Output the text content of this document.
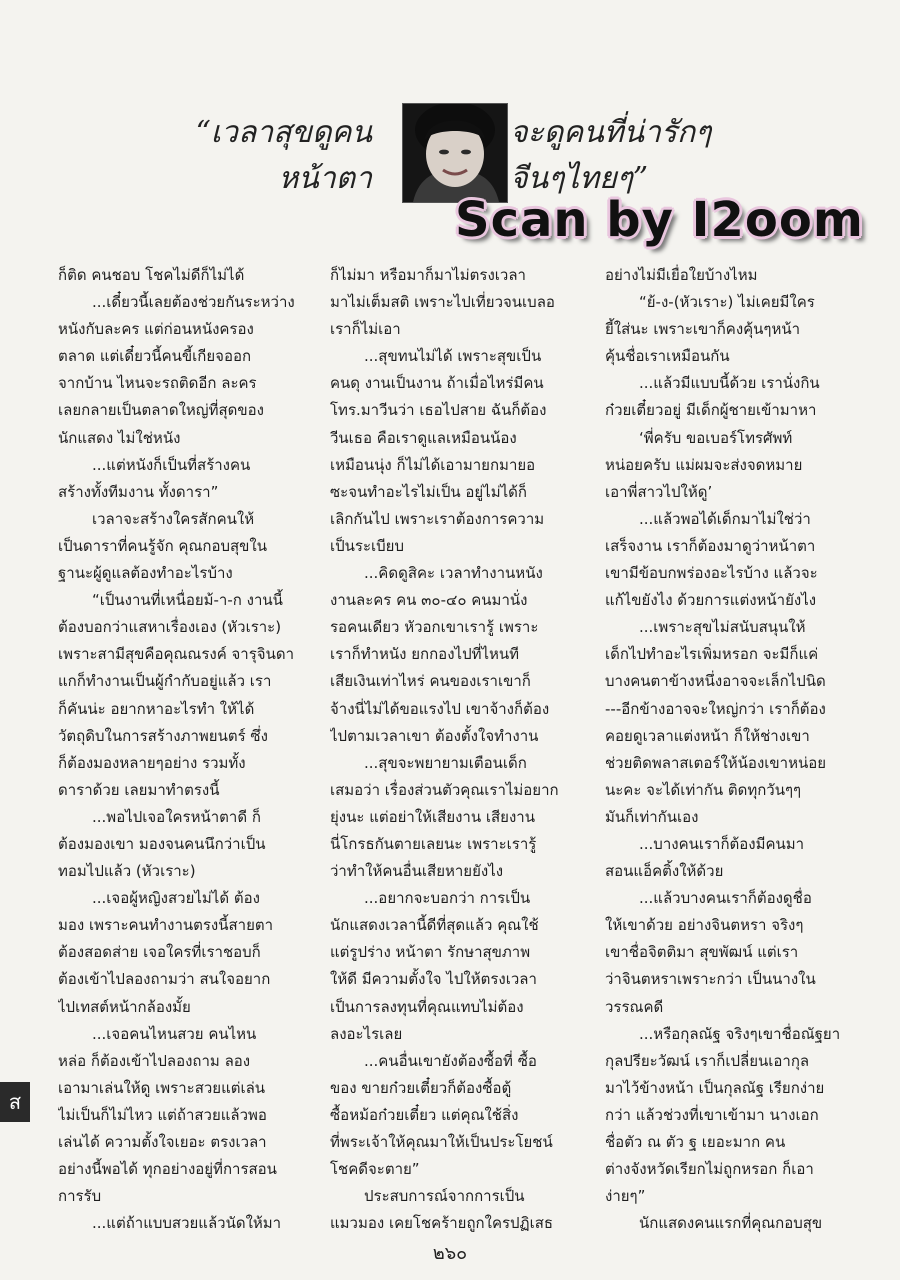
“เวลาสุขดูคน
หน้าตา
จะดูคนที่น่ารักๆ
จีนๆไทยๆ”
Scan by I2oom

ก็ติด คนชอบ โชคไม่ดีก็ไม่ได้

...เดี๋ยวนี้เลยต้องช่วยกันระหว่าง

หนังกับละคร แต่ก่อนหนังครอง

ตลาด แต่เดี๋ยวนี้คนขี้เกียจออก

จากบ้าน ไหนจะรถติดอีก ละคร

เลยกลายเป็นตลาดใหญ่ที่สุดของ

นักแสดง ไม่ใช่หนัง

...แต่หนังก็เป็นที่สร้างคน

สร้างทั้งทีมงาน ทั้งดารา”

เวลาจะสร้างใครสักคนให้

เป็นดาราที่คนรู้จัก คุณกอบสุขใน

ฐานะผู้ดูแลต้องทำอะไรบ้าง

“เป็นงานที่เหนื่อยม้-า-ก งานนี้

ต้องบอกว่าแสหาเรื่องเอง (หัวเราะ)

เพราะสามีสุขคือคุณณรงค์ จารุจินดา

แกก็ทำงานเป็นผู้กำกับอยู่แล้ว เรา

ก็คันน่ะ อยากหาอะไรทำ ให้ได้

วัตถุดิบในการสร้างภาพยนตร์ ซึ่ง

ก็ต้องมองหลายๆอย่าง รวมทั้ง

ดาราด้วย เลยมาทำตรงนี้

...พอไปเจอใครหน้าตาดี ก็

ต้องมองเขา มองจนคนนึกว่าเป็น

ทอมไปแล้ว (หัวเราะ)

...เจอผู้หญิงสวยไม่ได้ ต้อง

มอง เพราะคนทำงานตรงนี้สายตา

ต้องสอดส่าย เจอใครที่เราชอบก็

ต้องเข้าไปลองถามว่า สนใจอยาก

ไปเทสต์หน้ากล้องมั้ย

...เจอคนไหนสวย คนไหน

หล่อ ก็ต้องเข้าไปลองถาม ลอง

เอามาเล่นให้ดู เพราะสวยแต่เล่น

ไม่เป็นก็ไม่ไหว แต่ถ้าสวยแล้วพอ

เล่นได้ ความตั้งใจเยอะ ตรงเวลา

อย่างนี้พอได้ ทุกอย่างอยู่ที่การสอน

การรับ

...แต่ถ้าแบบสวยแล้วนัดให้มา

ก็ไม่มา หรือมาก็มาไม่ตรงเวลา

มาไม่เต็มสติ เพราะไปเที่ยวจนเบลอ

เราก็ไม่เอา

...สุขทนไม่ได้ เพราะสุขเป็น

คนดุ งานเป็นงาน ถ้าเมื่อไหร่มีคน

โทร.มาวีนว่า เธอไปสาย ฉันก็ต้อง

วีนเธอ คือเราดูแลเหมือนน้อง

เหมือนนุ่ง ก็ไม่ได้เอามายกมายอ

ซะจนทำอะไรไม่เป็น อยู่ไม่ได้ก็

เลิกกันไป เพราะเราต้องการความ

เป็นระเบียบ

...คิดดูสิคะ เวลาทำงานหนัง

งานละคร คน ๓๐-๔๐ คนมานั่ง

รอคนเดียว หัวอกเขาเรารู้ เพราะ

เราก็ทำหนัง ยกกองไปที่ไหนที

เสียเงินเท่าไหร่ คนของเราเขาก็

จ้างนี่ไม่ได้ขอแรงไป เขาจ้างก็ต้อง

ไปตามเวลาเขา ต้องตั้งใจทำงาน

...สุขจะพยายามเตือนเด็ก

เสมอว่า เรื่องส่วนตัวคุณเราไม่อยาก

ยุ่งนะ แต่อย่าให้เสียงาน เสียงาน

นี่โกรธกันตายเลยนะ เพราะเรารู้

ว่าทำให้คนอื่นเสียหายยังไง

...อยากจะบอกว่า การเป็น

นักแสดงเวลานี้ดีที่สุดแล้ว คุณใช้

แต่รูปร่าง หน้าตา รักษาสุขภาพ

ให้ดี มีความตั้งใจ ไปให้ตรงเวลา

เป็นการลงทุนที่คุณแทบไม่ต้อง

ลงอะไรเลย

...คนอื่นเขายังต้องซื้อที่ ซื้อ

ของ ขายก๋วยเตี๋ยวก็ต้องซื้อตู้

ซื้อหม้อก๋วยเตี๋ยว แต่คุณใช้สิ่ง

ที่พระเจ้าให้คุณมาให้เป็นประโยชน์

โชคดีจะตาย”

ประสบการณ์จากการเป็น

แมวมอง เคยโชคร้ายถูกใครปฏิเสธ

อย่างไม่มีเยื่อใยบ้างไหม

“ย้-ง-(หัวเราะ) ไม่เคยมีใคร

ยี้ใส่นะ เพราะเขาก็คงคุ้นๆหน้า

คุ้นชื่อเราเหมือนกัน

...แล้วมีแบบนี้ด้วย เรานั่งกิน

ก๋วยเตี๋ยวอยู่ มีเด็กผู้ชายเข้ามาหา

‘พี่ครับ ขอเบอร์โทรศัพท์

หน่อยครับ แม่ผมจะส่งจดหมาย

เอาพี่สาวไปให้ดู’

...แล้วพอได้เด็กมาไม่ใช่ว่า

เสร็จงาน เราก็ต้องมาดูว่าหน้าตา

เขามีข้อบกพร่องอะไรบ้าง แล้วจะ

แก้ไขยังไง ด้วยการแต่งหน้ายังไง

...เพราะสุขไม่สนับสนุนให้

เด็กไปทำอะไรเพิ่มหรอก จะมีก็แค่

บางคนตาข้างหนึ่งอาจจะเล็กไปนิด

---อีกข้างอาจจะใหญ่กว่า เราก็ต้อง

คอยดูเวลาแต่งหน้า ก็ให้ช่างเขา

ช่วยติดพลาสเตอร์ให้น้องเขาหน่อย

นะคะ จะได้เท่ากัน ติดทุกวันๆๆ

มันก็เท่ากันเอง

...บางคนเราก็ต้องมีคนมา

สอนแอ็คติ้งให้ด้วย

...แล้วบางคนเราก็ต้องดูชื่อ

ให้เขาด้วย อย่างจินตหรา จริงๆ

เขาชื่อจิตติมา สุขพัฒน์ แต่เรา

ว่าจินตหราเพราะกว่า เป็นนางใน

วรรณคดี

...หรือกุลณัฐ จริงๆเขาชื่อณัฐยา

กุลปรียะวัฒน์ เราก็เปลี่ยนเอากุล

มาไว้ข้างหน้า เป็นกุลณัฐ เรียกง่าย

กว่า แล้วช่วงที่เขาเข้ามา นางเอก

ชื่อตัว ณ ตัว ฐ เยอะมาก คน

ต่างจังหวัดเรียกไม่ถูกหรอก ก็เอา

ง่ายๆ”

นักแสดงคนแรกที่คุณกอบสุข

ส
๒๖๐
